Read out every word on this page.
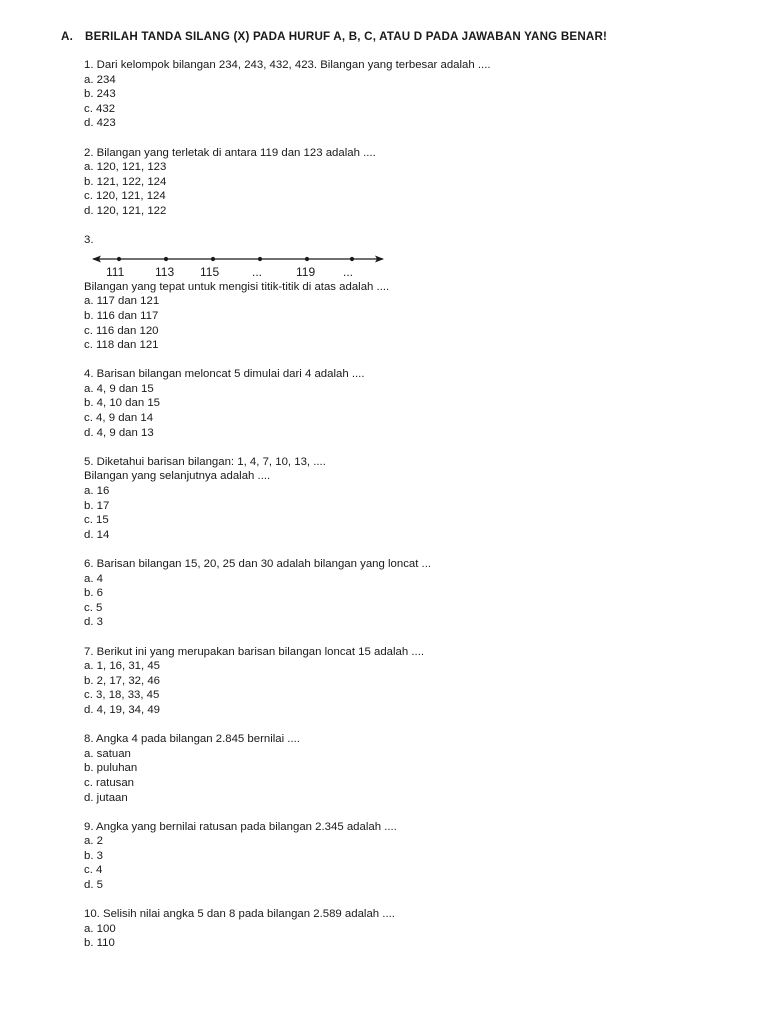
A. BERILAH TANDA SILANG (X) PADA HURUF A, B, C, ATAU D PADA JAWABAN YANG BENAR!
1. Dari kelompok bilangan 234, 243, 432, 423. Bilangan yang terbesar adalah ....
a. 234
b. 243
c. 432
d. 423
2. Bilangan yang terletak di antara 119 dan 123 adalah ....
a. 120, 121, 123
b. 121, 122, 124
c. 120, 121, 124
d. 120, 121, 122
3.
111	113 115	...	119 ...
Bilangan yang tepat untuk mengisi titik-titik di atas adalah ....
a. 117 dan 121
b. 116 dan 117
c. 116 dan 120
c. 118 dan 121
4. Barisan bilangan meloncat 5 dimulai dari 4 adalah ....
a. 4, 9 dan 15
b. 4, 10 dan 15
c. 4, 9 dan 14
d. 4, 9 dan 13
5. Diketahui barisan bilangan: 1, 4, 7, 10, 13, ....
Bilangan yang selanjutnya adalah ....
a. 16
b. 17
c. 15
d. 14
6. Barisan bilangan 15, 20, 25 dan 30 adalah bilangan yang loncat ...
a. 4
b. 6
c. 5
d. 3
7. Berikut ini yang merupakan barisan bilangan loncat 15 adalah ....
a. 1, 16, 31, 45
b. 2, 17, 32, 46
c. 3, 18, 33, 45
d. 4, 19, 34, 49
8. Angka 4 pada bilangan 2.845 bernilai ....
a. satuan
b. puluhan
c. ratusan
d. jutaan
9. Angka yang bernilai ratusan pada bilangan 2.345 adalah ....
a. 2
b. 3
c. 4
d. 5
10. Selisih nilai angka 5 dan 8 pada bilangan 2.589 adalah ....
a. 100
b. 110
